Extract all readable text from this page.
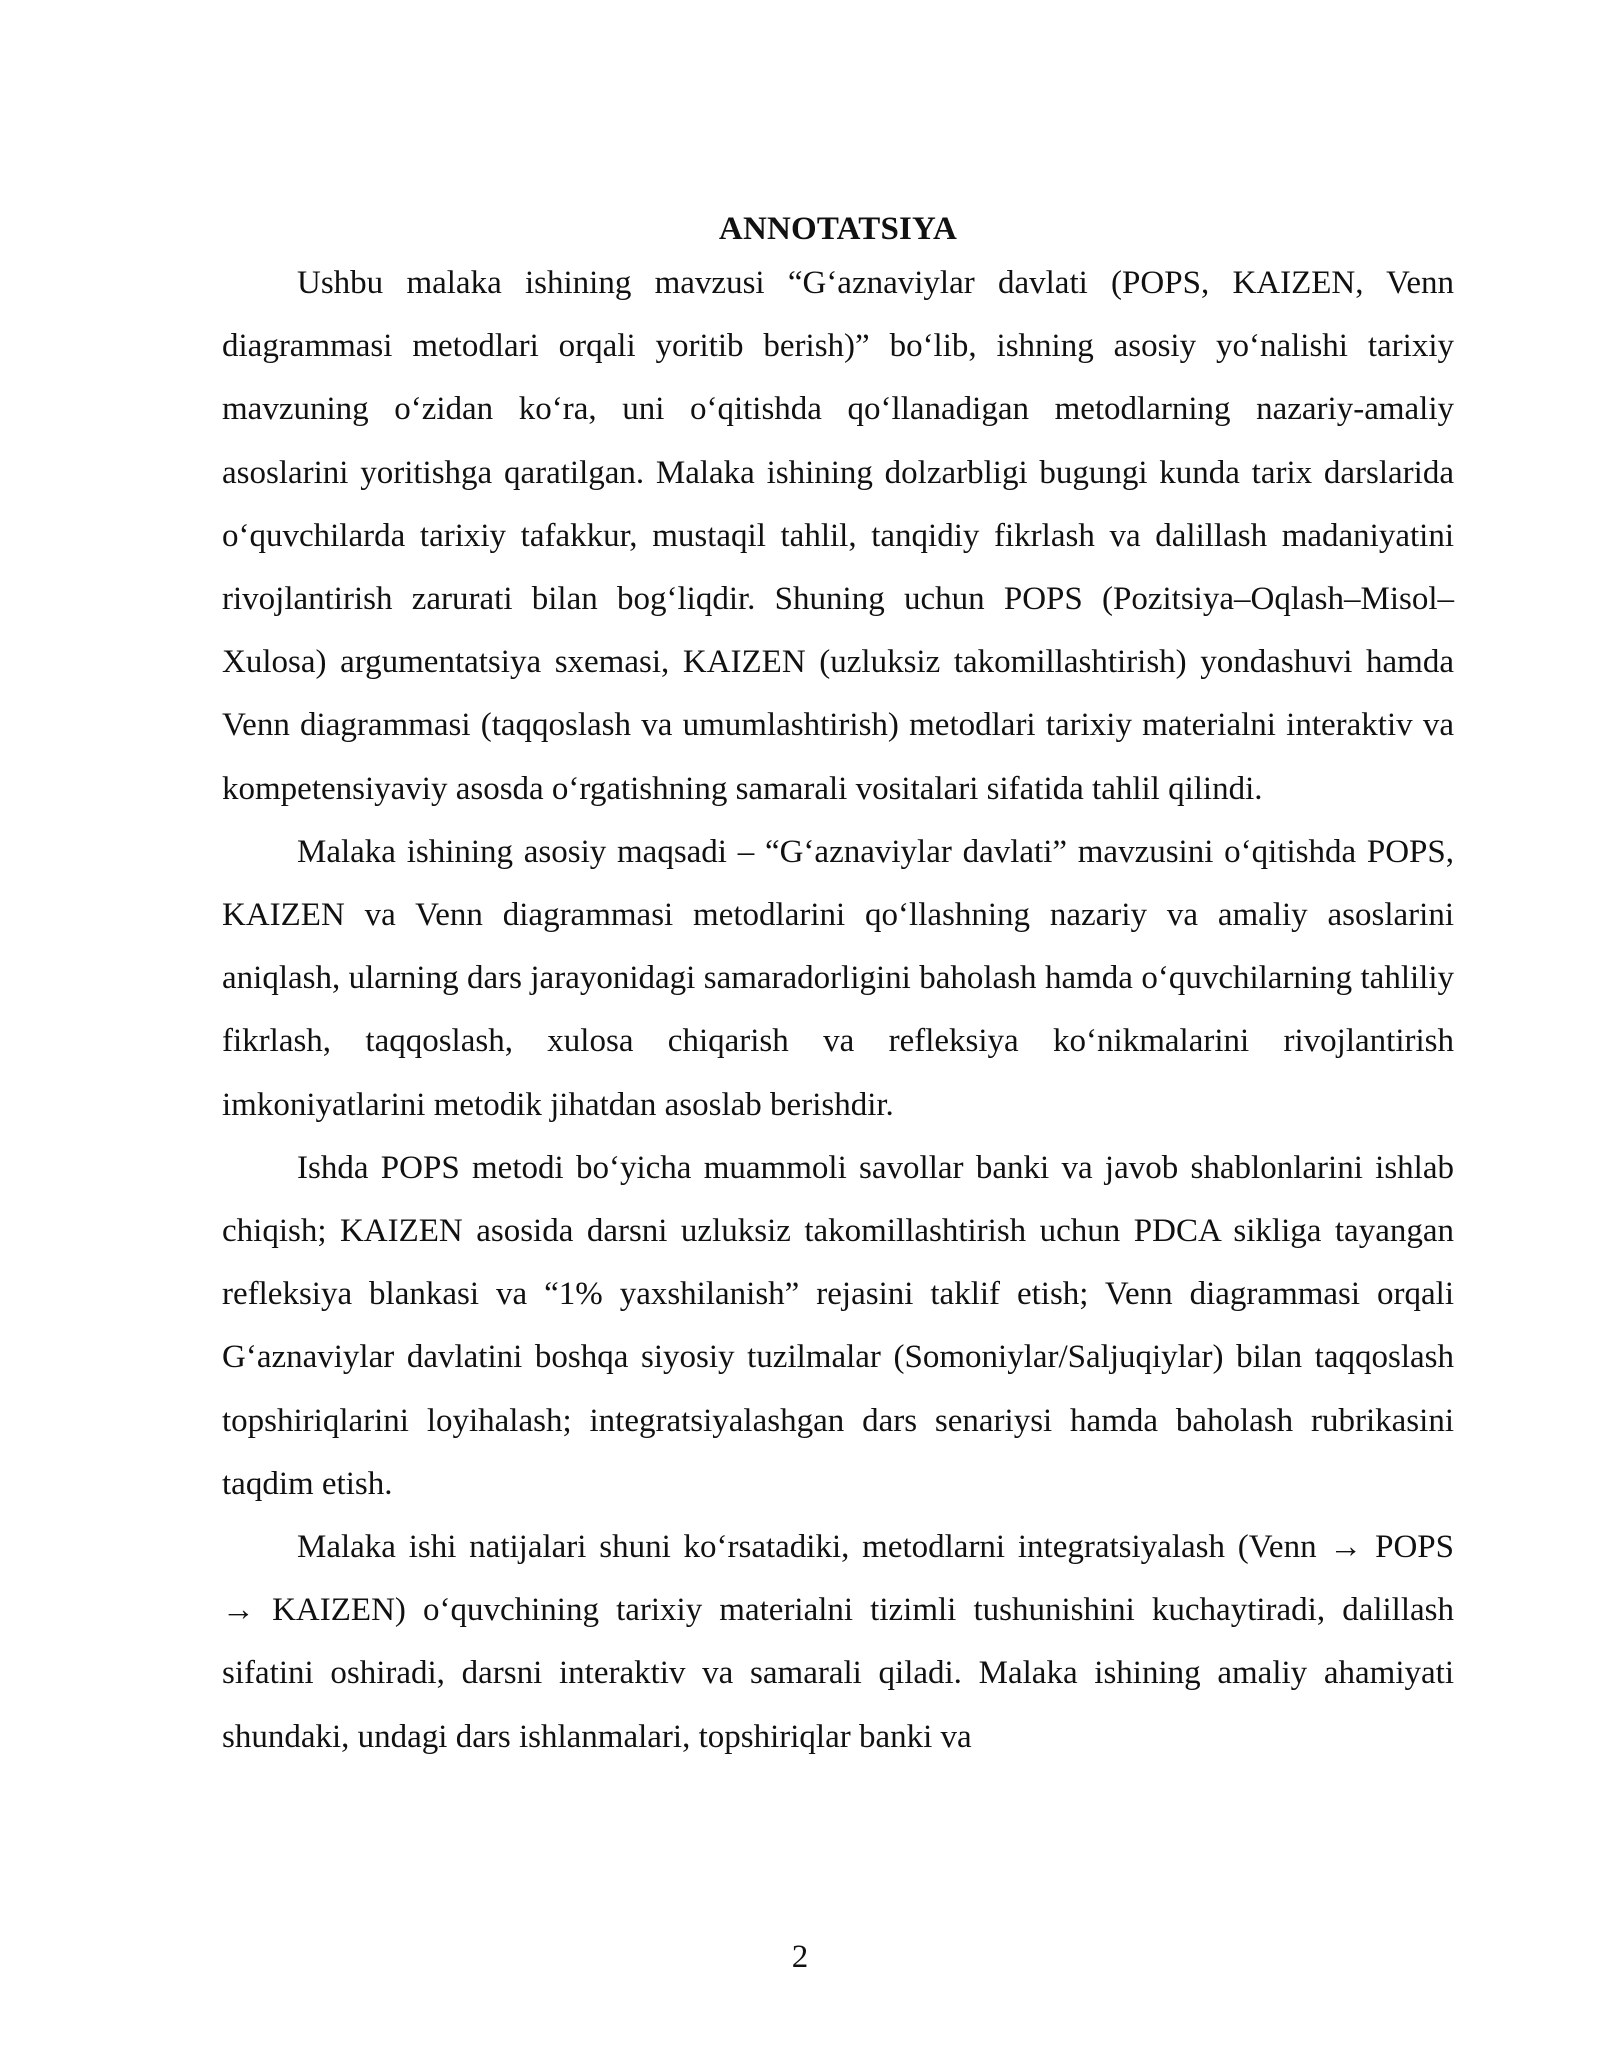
ANNOTATSIYA

Ushbu malaka ishining mavzusi “G‘aznaviylar davlati (POPS, KAIZEN, Venn diagrammasi metodlari orqali yoritib berish)” bo‘lib, ishning asosiy yo‘nalishi tarixiy mavzuning o‘zidan ko‘ra, uni o‘qitishda qo‘llanadigan metodlarning nazariy-amaliy asoslarini yoritishga qaratilgan. Malaka ishining dolzarbligi bugungi kunda tarix darslarida o‘quvchilarda tarixiy tafakkur, mustaqil tahlil, tanqidiy fikrlash va dalillash madaniyatini rivojlantirish zarurati bilan bog‘liqdir. Shuning uchun POPS (Pozitsiya–Oqlash–Misol–Xulosa) argumentatsiya sxemasi, KAIZEN (uzluksiz takomillashtirish) yondashuvi hamda Venn diagrammasi (taqqoslash va umumlashtirish) metodlari tarixiy materialni interaktiv va kompetensiyaviy asosda o‘rgatishning samarali vositalari sifatida tahlil qilindi.

Malaka ishining asosiy maqsadi – “G‘aznaviylar davlati” mavzusini o‘qitishda POPS, KAIZEN va Venn diagrammasi metodlarini qo‘llashning nazariy va amaliy asoslarini aniqlash, ularning dars jarayonidagi samaradorligini baholash hamda o‘quvchilarning tahliliy fikrlash, taqqoslash, xulosa chiqarish va refleksiya ko‘nikmalarini rivojlantirish imkoniyatlarini metodik jihatdan asoslab berishdir.

Ishda POPS metodi bo‘yicha muammoli savollar banki va javob shablonlarini ishlab chiqish; KAIZEN asosida darsni uzluksiz takomillashtirish uchun PDCA sikliga tayangan refleksiya blankasi va “1% yaxshilanish” rejasini taklif etish; Venn diagrammasi orqali G‘aznaviylar davlatini boshqa siyosiy tuzilmalar (Somoniylar/Saljuqiylar) bilan taqqoslash topshiriqlarini loyihalash; integratsiyalashgan dars senariysi hamda baholash rubrikasini taqdim etish.

Malaka ishi natijalari shuni ko‘rsatadiki, metodlarni integratsiyalash (Venn → POPS → KAIZEN) o‘quvchining tarixiy materialni tizimli tushunishini kuchaytiradi, dalillash sifatini oshiradi, darsni interaktiv va samarali qiladi. Malaka ishining amaliy ahamiyati shundaki, undagi dars ishlanmalari, topshiriqlar banki va

2
